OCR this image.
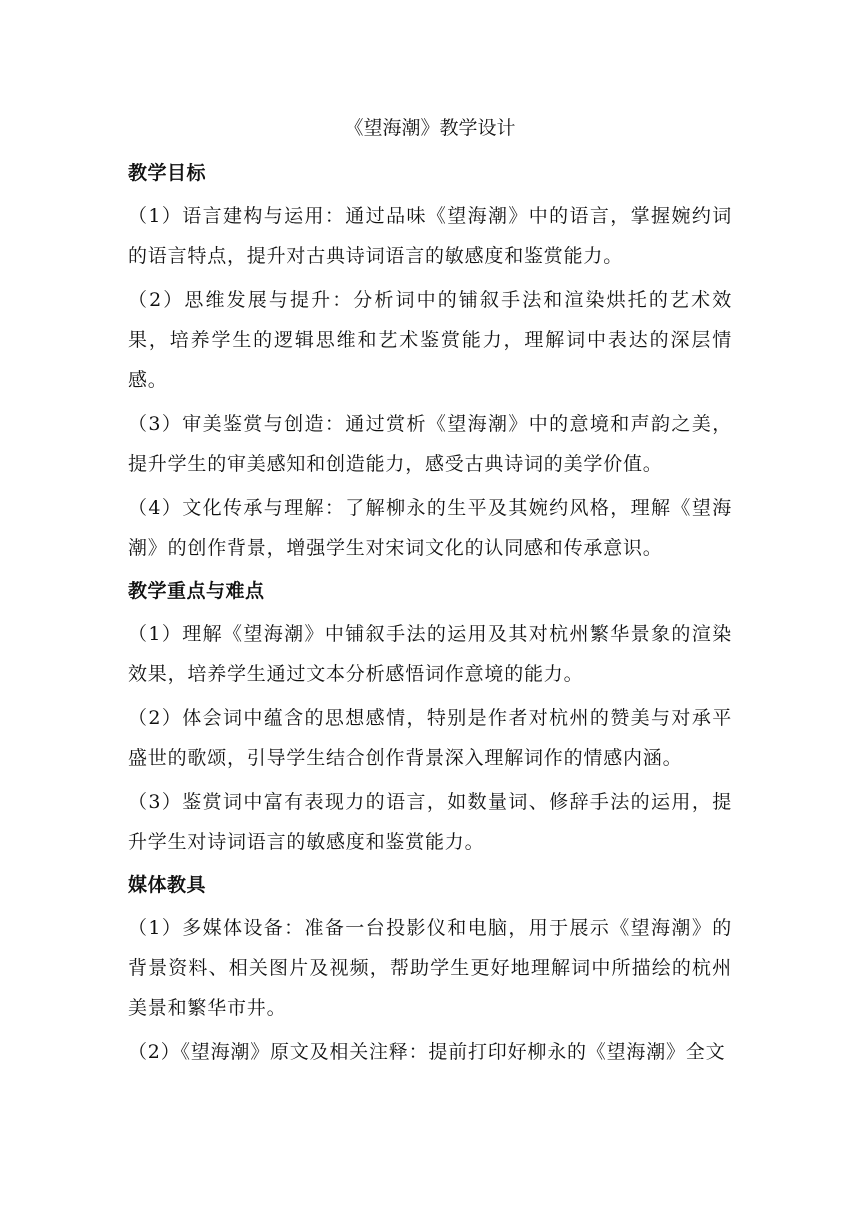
《望海潮》教学设计
教学目标

（1）语言建构与运用：通过品味《望海潮》中的语言，掌握婉约词的语言特点，提升对古典诗词语言的敏感度和鉴赏能力。

（2）思维发展与提升：分析词中的铺叙手法和渲染烘托的艺术效果，培养学生的逻辑思维和艺术鉴赏能力，理解词中表达的深层情感。

（3）审美鉴赏与创造：通过赏析《望海潮》中的意境和声韵之美，提升学生的审美感知和创造能力，感受古典诗词的美学价值。

（4）文化传承与理解：了解柳永的生平及其婉约风格，理解《望海潮》的创作背景，增强学生对宋词文化的认同感和传承意识。

教学重点与难点

（1）理解《望海潮》中铺叙手法的运用及其对杭州繁华景象的渲染效果，培养学生通过文本分析感悟词作意境的能力。

（2）体会词中蕴含的思想感情，特别是作者对杭州的赞美与对承平盛世的歌颂，引导学生结合创作背景深入理解词作的情感内涵。

（3）鉴赏词中富有表现力的语言，如数量词、修辞手法的运用，提升学生对诗词语言的敏感度和鉴赏能力。

媒体教具

（1）多媒体设备：准备一台投影仪和电脑，用于展示《望海潮》的背景资料、相关图片及视频，帮助学生更好地理解词中所描绘的杭州美景和繁华市井。

（2）《望海潮》原文及相关注释：提前打印好柳永的《望海潮》全文
